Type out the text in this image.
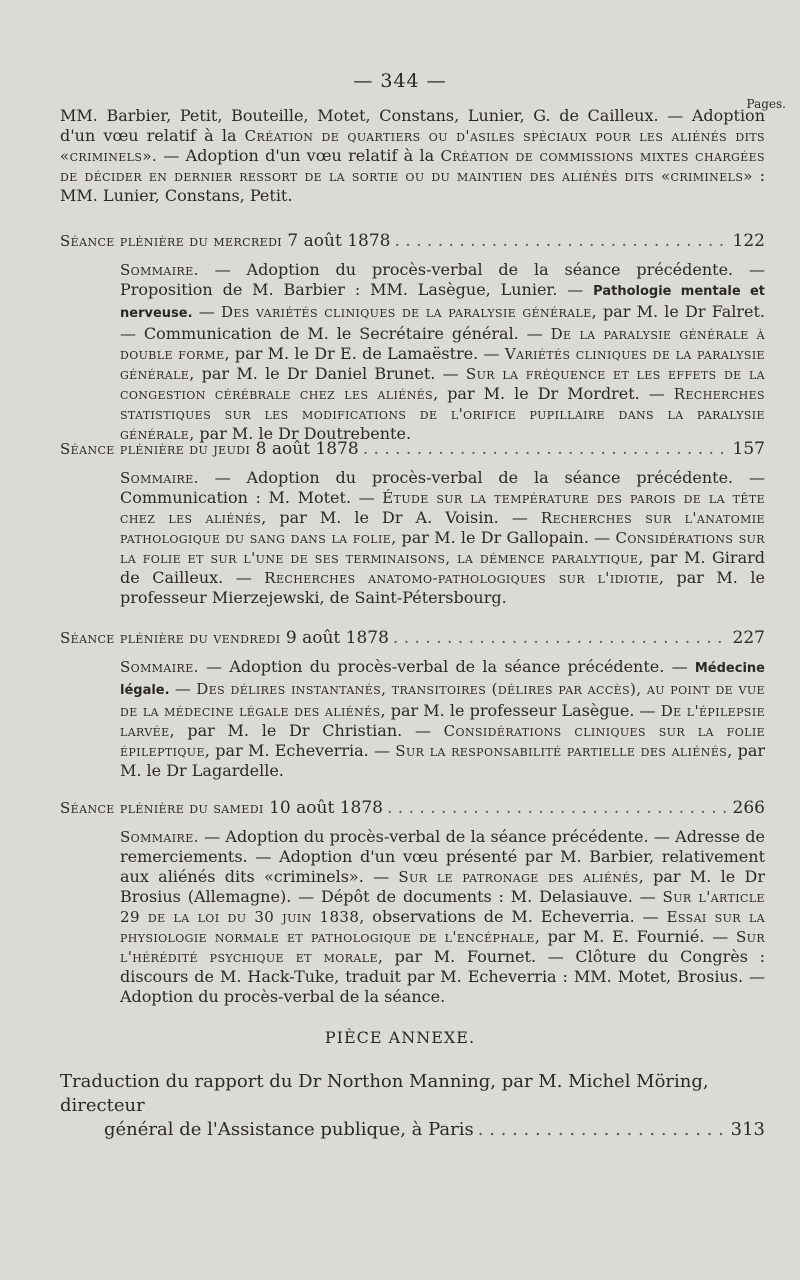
— 344 —
Pages.
MM. Barbier, Petit, Bouteille, Motet, Constans, Lunier, G. de Cailleux. — Adoption d'un vœu relatif à la Création de quartiers ou d'asiles spéciaux pour les aliénés dits «criminels». — Adoption d'un vœu relatif à la Création de commissions mixtes chargées de décider en dernier ressort de la sortie ou du maintien des aliénés dits «criminels» : MM. Lunier, Constans, Petit.
Séance plénière du mercredi 7 août 1878 . . .	122
Sommaire. — Adoption du procès-verbal de la séance précédente. — Proposition de M. Barbier : MM. Lasègue, Lunier. — Pathologie mentale et nerveuse. — Des variétés cliniques de la paralysie générale, par M. le Dr Falret. — Communication de M. le Secrétaire général. — De la paralysie générale à double forme, par M. le Dr E. de Lamaëstre. — Variétés cliniques de la paralysie générale, par M. le Dr Daniel Brunet. — Sur la fréquence et les effets de la congestion cérébrale chez les aliénés, par M. le Dr Mordret. — Recherches statistiques sur les modifications de l'orifice pupillaire dans la paralysie générale, par M. le Dr Doutrebente.
Séance plénière du jeudi 8 août 1878 . . .	157
Sommaire. — Adoption du procès-verbal de la séance précédente. — Communication : M. Motet. — Étude sur la température des parois de la tête chez les aliénés, par M. le Dr A. Voisin. — Recherches sur l'anatomie pathologique du sang dans la folie, par M. le Dr Gallopain. — Considérations sur la folie et sur l'une de ses terminaisons, la démence paralytique, par M. Girard de Cailleux. — Recherches anatomo-pathologiques sur l'idiotie, par M. le professeur Mierzejewski, de Saint-Pétersbourg.
Séance plénière du vendredi 9 août 1878 . . .	227
Sommaire. — Adoption du procès-verbal de la séance précédente. — Médecine légale. — Des délires instantanés, transitoires (délires par accès), au point de vue de la médecine légale des aliénés, par M. le professeur Lasègue. — De l'épilepsie larvée, par M. le Dr Christian. — Considérations cliniques sur la folie épileptique, par M. Echeverria. — Sur la responsabilité partielle des aliénés, par M. le Dr Lagardelle.
Séance plénière du samedi 10 août 1878 . . .	266
Sommaire. — Adoption du procès-verbal de la séance précédente. — Adresse de remerciements. — Adoption d'un vœu présenté par M. Barbier, relativement aux aliénés dits «criminels». — Sur le patronage des aliénés, par M. le Dr Brosius (Allemagne). — Dépôt de documents : M. Delasiauve. — Sur l'article 29 de la loi du 30 juin 1838, observations de M. Echeverria. — Essai sur la physiologie normale et pathologique de l'encéphale, par M. E. Fournié. — Sur l'hérédité psychique et morale, par M. Fournet. — Clôture du Congrès : discours de M. Hack-Tuke, traduit par M. Echeverria : MM. Motet, Brosius. — Adoption du procès-verbal de la séance.
PIÈCE ANNEXE.
Traduction du rapport du Dr Northon Manning, par M. Michel Möring, directeur
général de l'Assistance publique, à Paris . . .	313
